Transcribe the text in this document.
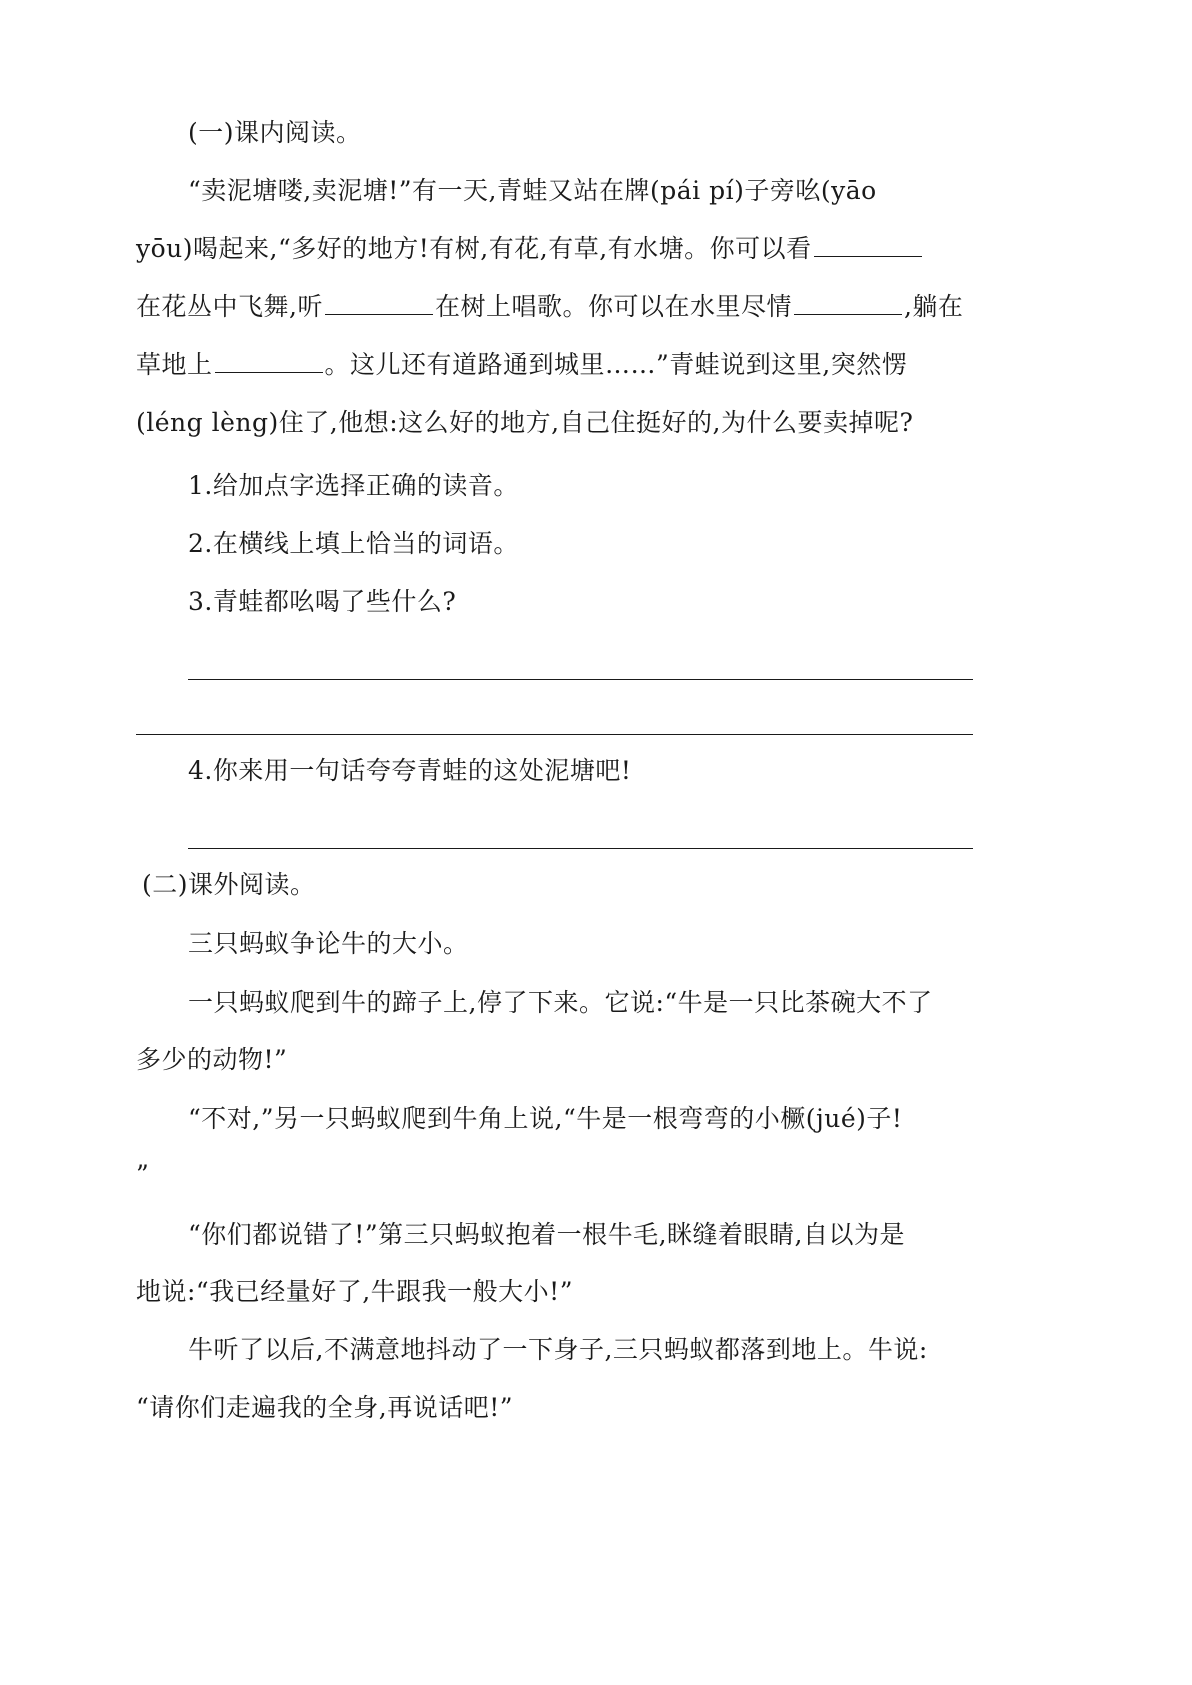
(一)课内阅读。
“卖泥塘喽,卖泥塘!”有一天,青蛙又站在牌(pái pí)子旁吆(yāo
yōu)喝起来,“多好的地方!有树,有花,有草,有水塘。你可以看
在花丛中飞舞,听	在树上唱歌。你可以在水里尽情	,躺在
草地上	。这儿还有道路通到城里……”青蛙说到这里,突然愣
(léng lèng)住了,他想:这么好的地方,自己住挺好的,为什么要卖掉呢?
1.给加点字选择正确的读音。
2.在横线上填上恰当的词语。
3.青蛙都吆喝了些什么?
4.你来用一句话夸夸青蛙的这处泥塘吧!
(二)课外阅读。
三只蚂蚁争论牛的大小。
一只蚂蚁爬到牛的蹄子上,停了下来。它说:“牛是一只比茶碗大不了
多少的动物!”
“不对,”另一只蚂蚁爬到牛角上说,“牛是一根弯弯的小橛(jué)子!
”
“你们都说错了!”第三只蚂蚁抱着一根牛毛,眯缝着眼睛,自以为是
地说:“我已经量好了,牛跟我一般大小!”
牛听了以后,不满意地抖动了一下身子,三只蚂蚁都落到地上。牛说:
“请你们走遍我的全身,再说话吧!”
